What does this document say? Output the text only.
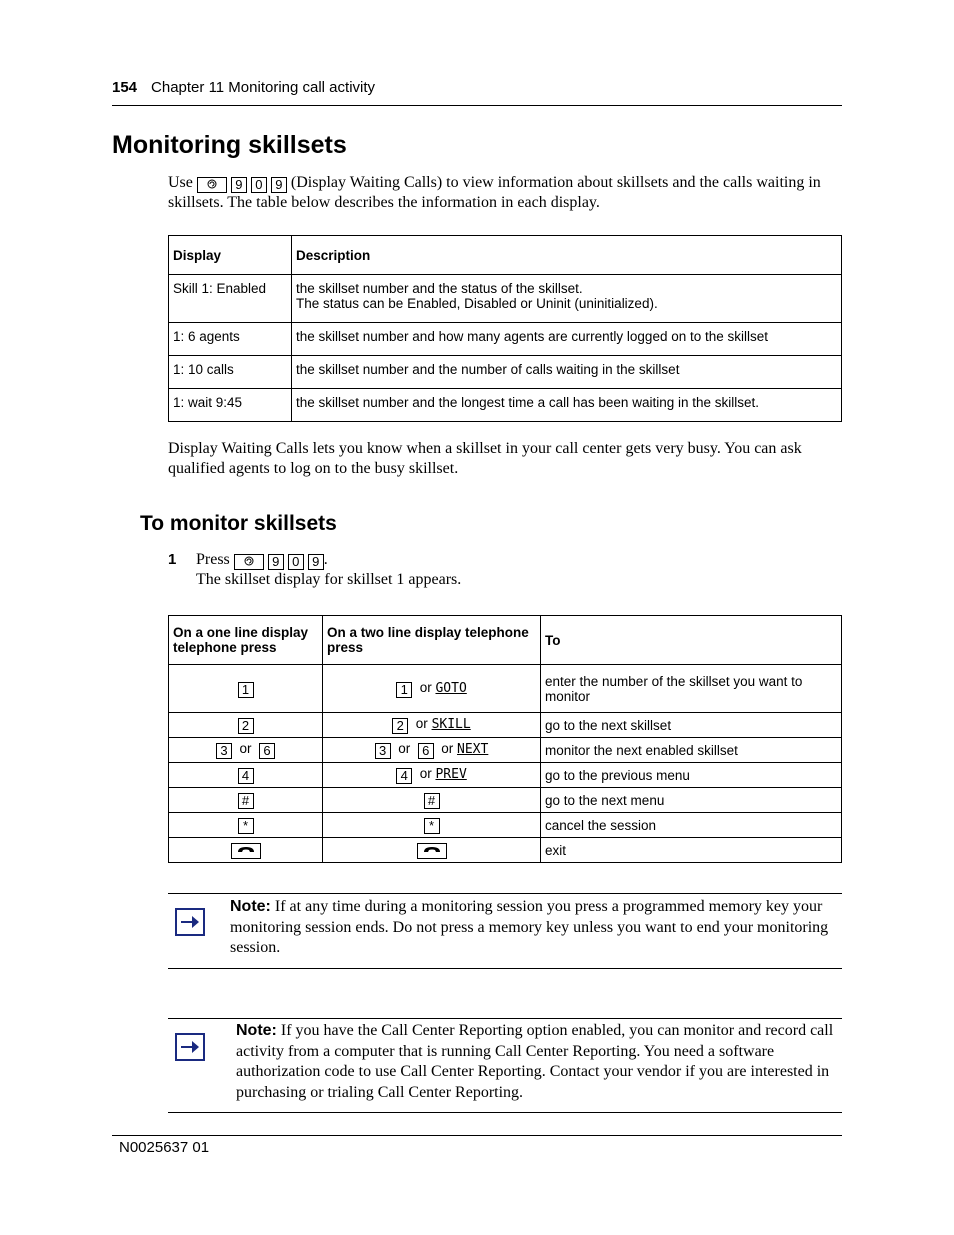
154 Chapter 11 Monitoring call activity
Monitoring skillsets
Use	9 0 9 (Display Waiting Calls) to view information about skillsets and the calls waiting in skillsets. The table below describes the information in each display.
Display	Description
Skill 1: Enabled	the skillset number and the status of the skillset.
The status can be Enabled, Disabled or Uninit (uninitialized).
1: 6 agents	the skillset number and how many agents are currently logged on to the skillset
1: 10 calls	the skillset number and the number of calls waiting in the skillset
1: wait 9:45	the skillset number and the longest time a call has been waiting in the skillset.
Display Waiting Calls lets you know when a skillset in your call center gets very busy. You can ask qualified agents to log on to the busy skillset.
To monitor skillsets
1 Press	9 0 9 .
The skillset display for skillset 1 appears.
On a one line display telephone press	On a two line display telephone press	To
1	1 or GOTO	enter the number of the skillset you want to monitor
2	2 or SKILL	go to the next skillset
3 or 6	3 or 6 or NEXT	monitor the next enabled skillset
4	4 or PREV	go to the previous menu
#	#	go to the next menu
*	*	cancel the session
		exit
Note: If at any time during a monitoring session you press a programmed memory key your monitoring session ends. Do not press a memory key unless you want to end your monitoring session.
Note: If you have the Call Center Reporting option enabled, you can monitor and record call activity from a computer that is running Call Center Reporting. You need a software authorization code to use Call Center Reporting. Contact your vendor if you are interested in purchasing or trialing Call Center Reporting.
N0025637 01
